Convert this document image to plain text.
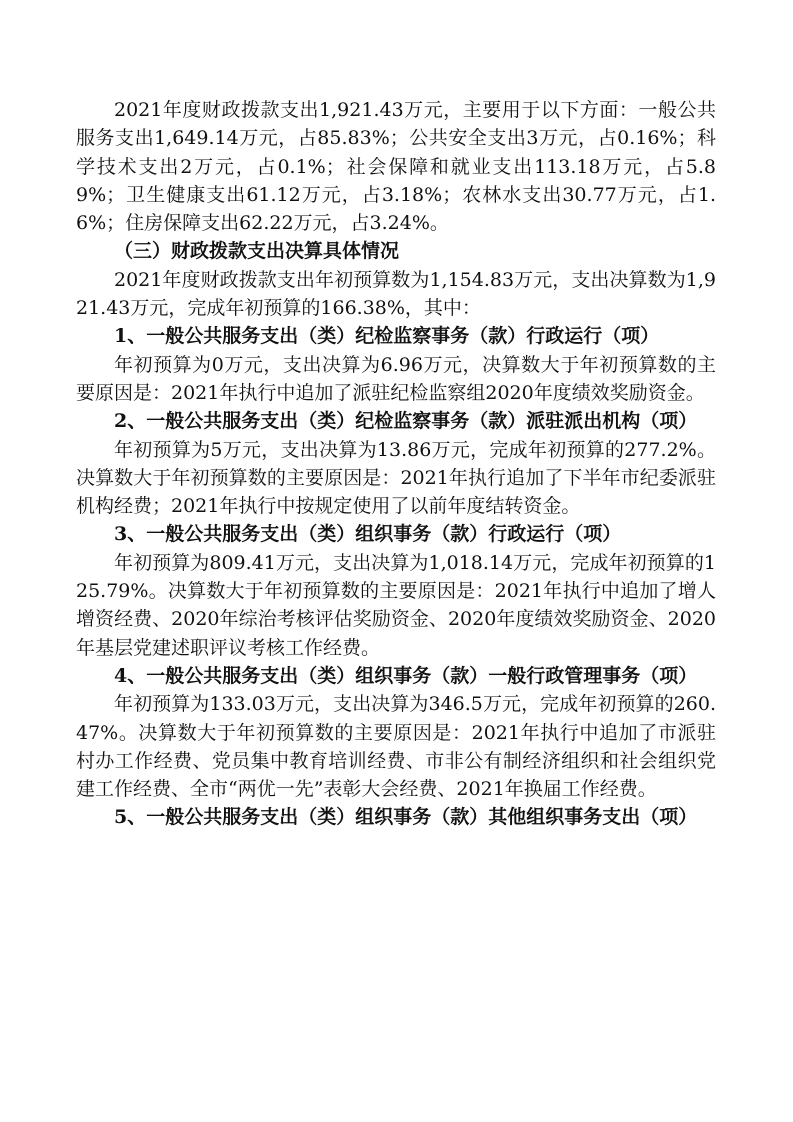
2021年度财政拨款支出1,921.43万元，主要用于以下方面：一般公共服务支出1,649.14万元，占85.83%；公共安全支出3万元，占0.16%；科学技术支出2万元，占0.1%；社会保障和就业支出113.18万元，占5.89%；卫生健康支出61.12万元，占3.18%；农林水支出30.77万元，占1.6%；住房保障支出62.22万元，占3.24%。

（三）财政拨款支出决算具体情况

2021年度财政拨款支出年初预算数为1,154.83万元，支出决算数为1,921.43万元，完成年初预算的166.38%，其中：

1、一般公共服务支出（类）纪检监察事务（款）行政运行（项）

年初预算为0万元，支出决算为6.96万元，决算数大于年初预算数的主要原因是：2021年执行中追加了派驻纪检监察组2020年度绩效奖励资金。

2、一般公共服务支出（类）纪检监察事务（款）派驻派出机构（项）

年初预算为5万元，支出决算为13.86万元，完成年初预算的277.2%。决算数大于年初预算数的主要原因是：2021年执行追加了下半年市纪委派驻机构经费；2021年执行中按规定使用了以前年度结转资金。

3、一般公共服务支出（类）组织事务（款）行政运行（项）

年初预算为809.41万元，支出决算为1,018.14万元，完成年初预算的125.79%。决算数大于年初预算数的主要原因是：2021年执行中追加了增人增资经费、2020年综治考核评估奖励资金、2020年度绩效奖励资金、2020年基层党建述职评议考核工作经费。

4、一般公共服务支出（类）组织事务（款）一般行政管理事务（项）

年初预算为133.03万元，支出决算为346.5万元，完成年初预算的260.47%。决算数大于年初预算数的主要原因是：2021年执行中追加了市派驻村办工作经费、党员集中教育培训经费、市非公有制经济组织和社会组织党建工作经费、全市“两优一先”表彰大会经费、2021年换届工作经费。

5、一般公共服务支出（类）组织事务（款）其他组织事务支出（项）
